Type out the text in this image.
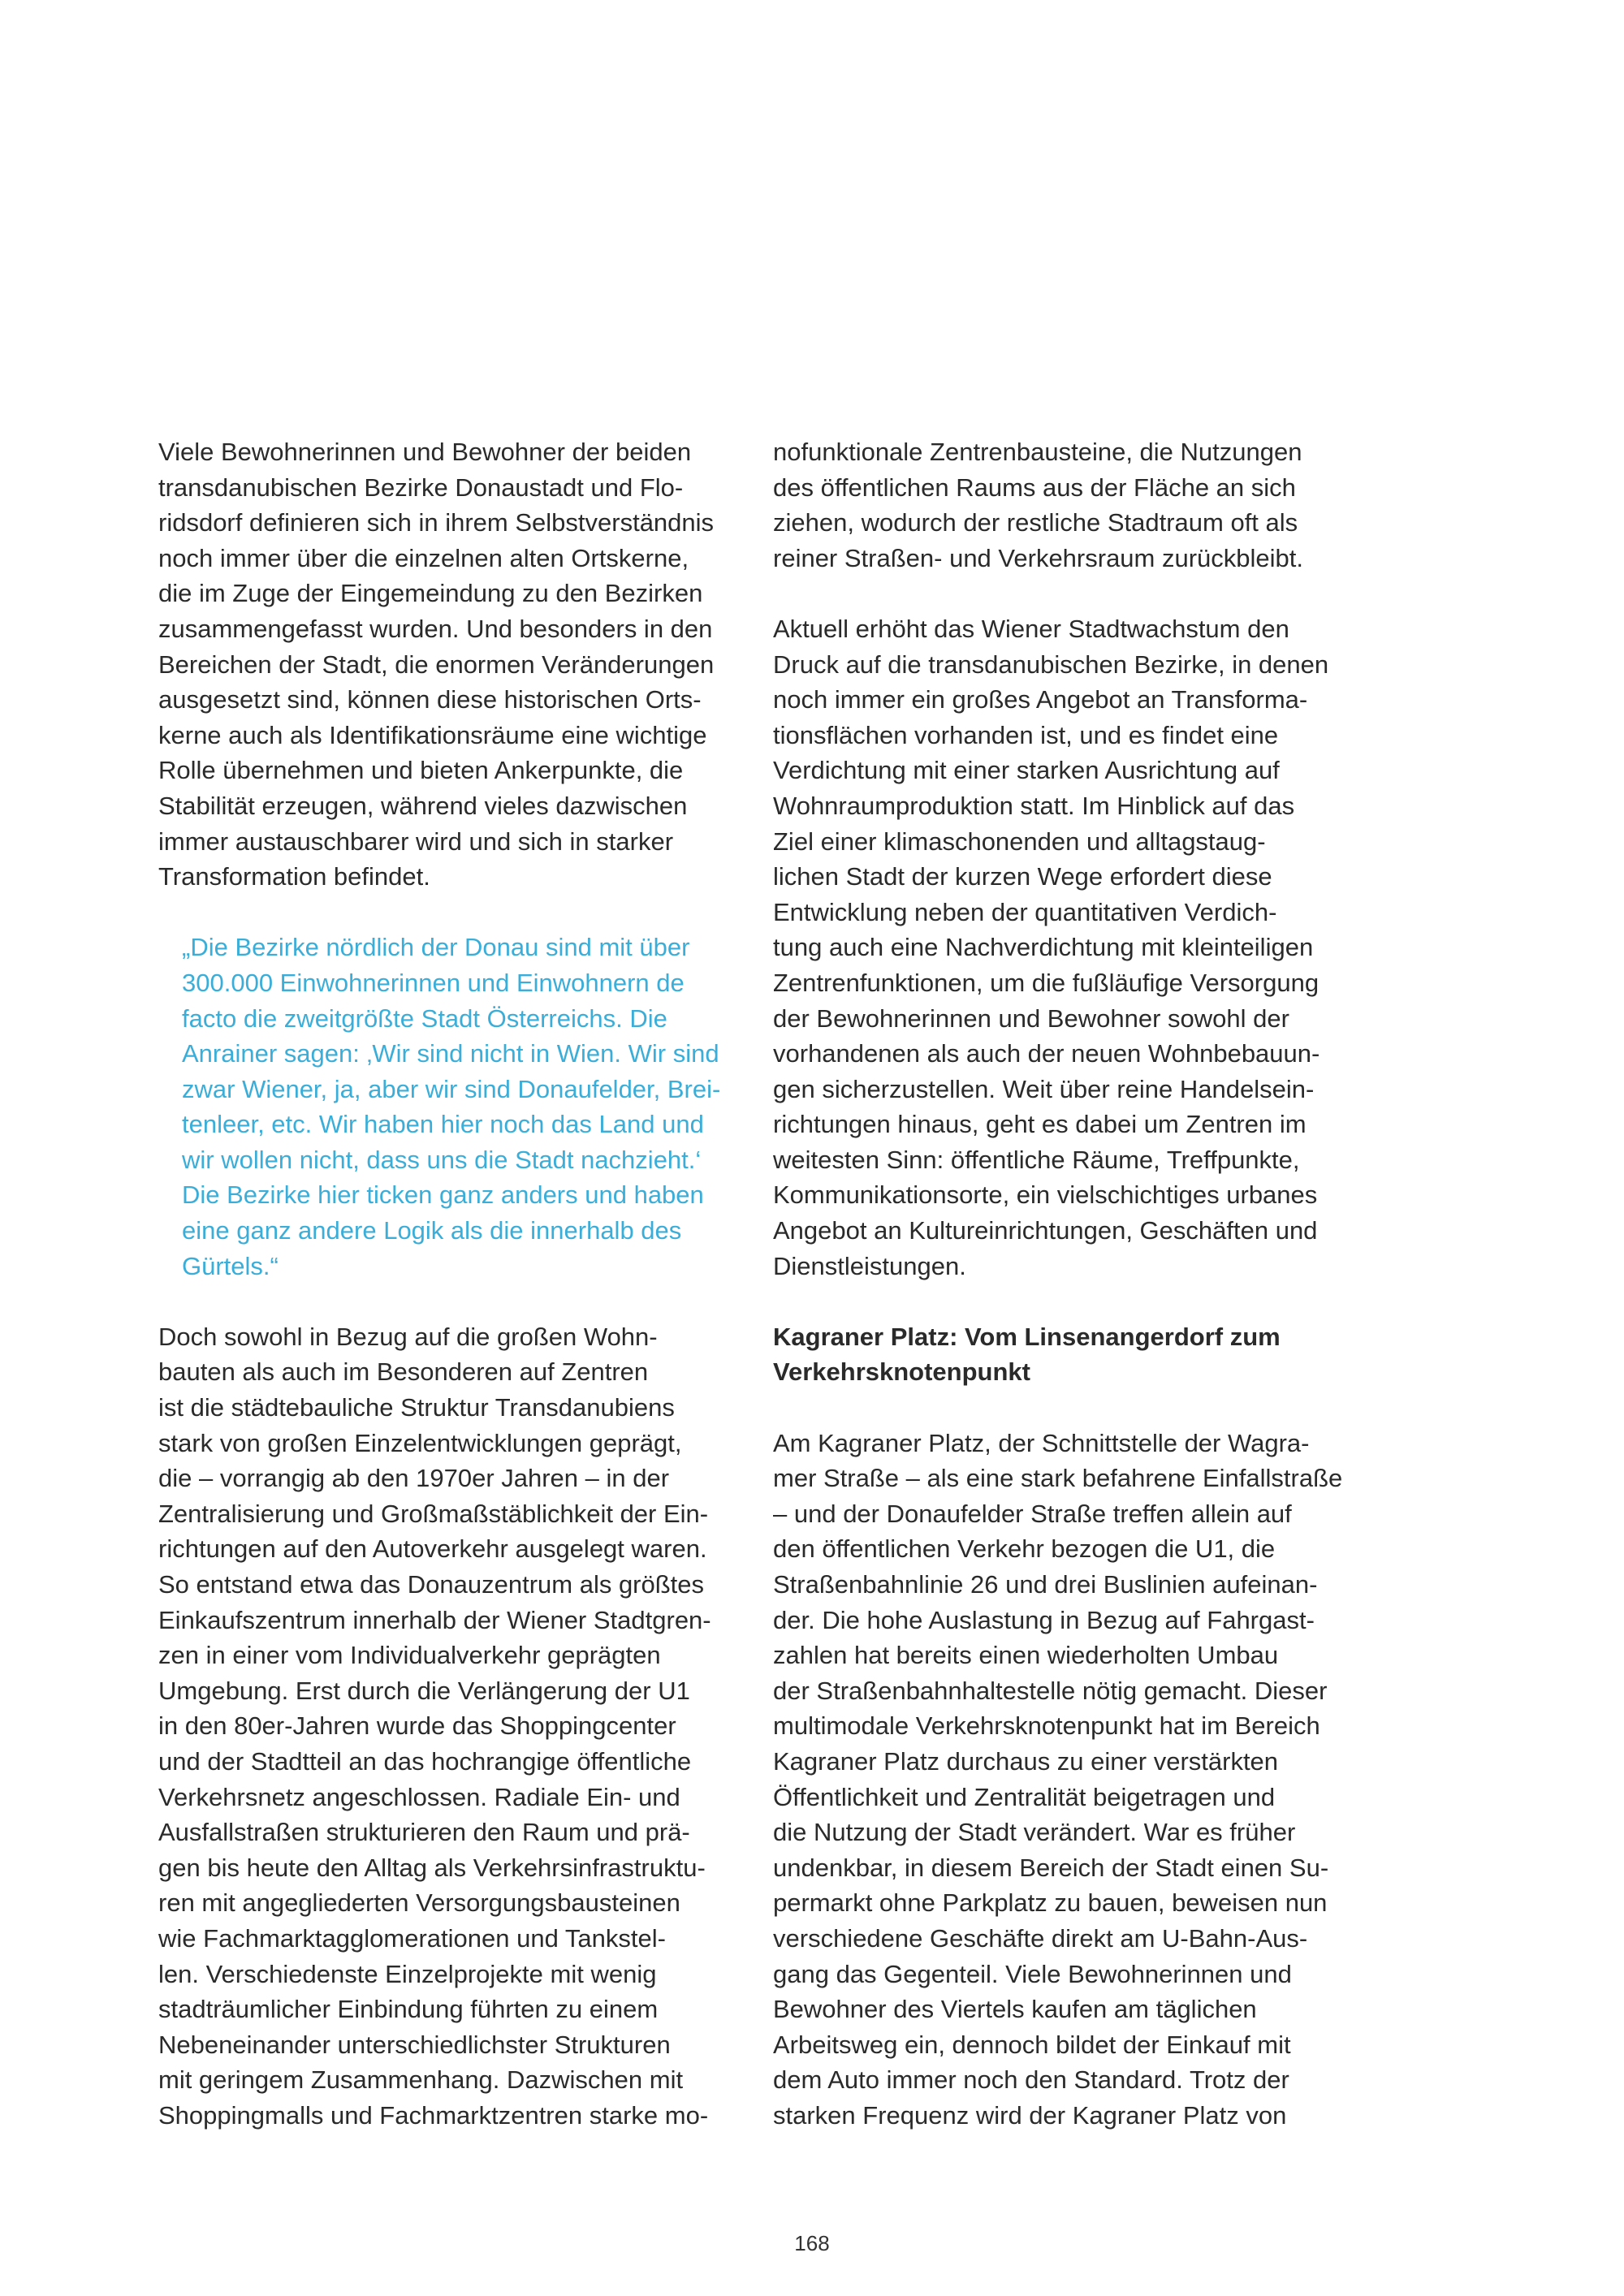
Viele Bewohnerinnen und Bewohner der beiden
transdanubischen Bezirke Donaustadt und Flo-
ridsdorf definieren sich in ihrem Selbstverständnis
noch immer über die einzelnen alten Ortskerne,
die im Zuge der Eingemeindung zu den Bezirken
zusammengefasst wurden. Und besonders in den
Bereichen der Stadt, die enormen Veränderungen
ausgesetzt sind, können diese historischen Orts-
kerne auch als Identifikationsräume eine wichtige
Rolle übernehmen und bieten Ankerpunkte, die
Stabilität erzeugen, während vieles dazwischen
immer austauschbarer wird und sich in starker
Transformation befindet.
„Die Bezirke nördlich der Donau sind mit über
300.000 Einwohnerinnen und Einwohnern de
facto die zweitgrößte Stadt Österreichs. Die
Anrainer sagen: ‚Wir sind nicht in Wien. Wir sind
zwar Wiener, ja, aber wir sind Donaufelder, Brei-
tenleer, etc. Wir haben hier noch das Land und
wir wollen nicht, dass uns die Stadt nachzieht.‘
Die Bezirke hier ticken ganz anders und haben
eine ganz andere Logik als die innerhalb des
Gürtels.“
Doch sowohl in Bezug auf die großen Wohn-
bauten als auch im Besonderen auf Zentren
ist die städtebauliche Struktur Transdanubiens
stark von großen Einzelentwicklungen geprägt,
die – vorrangig ab den 1970er Jahren – in der
Zentralisierung und Großmaßstäblichkeit der Ein-
richtungen auf den Autoverkehr ausgelegt waren.
So entstand etwa das Donauzentrum als größtes
Einkaufszentrum innerhalb der Wiener Stadtgren-
zen in einer vom Individualverkehr geprägten
Umgebung. Erst durch die Verlängerung der U1
in den 80er-Jahren wurde das Shoppingcenter
und der Stadtteil an das hochrangige öffentliche
Verkehrsnetz angeschlossen. Radiale Ein- und
Ausfallstraßen strukturieren den Raum und prä-
gen bis heute den Alltag als Verkehrsinfrastruktu-
ren mit angegliederten Versorgungsbausteinen
wie Fachmarktagglomerationen und Tankstel-
len. Verschiedenste Einzelprojekte mit wenig
stadträumlicher Einbindung führten zu einem
Nebeneinander unterschiedlichster Strukturen
mit geringem Zusammenhang. Dazwischen mit
Shoppingmalls und Fachmarktzentren starke mo-
nofunktionale Zentrenbausteine, die Nutzungen
des öffentlichen Raums aus der Fläche an sich
ziehen, wodurch der restliche Stadtraum oft als
reiner Straßen- und Verkehrsraum zurückbleibt.
Aktuell erhöht das Wiener Stadtwachstum den
Druck auf die transdanubischen Bezirke, in denen
noch immer ein großes Angebot an Transforma-
tionsflächen vorhanden ist, und es findet eine
Verdichtung mit einer starken Ausrichtung auf
Wohnraumproduktion statt. Im Hinblick auf das
Ziel einer klimaschonenden und alltagstaug-
lichen Stadt der kurzen Wege erfordert diese
Entwicklung neben der quantitativen Verdich-
tung auch eine Nachverdichtung mit kleinteiligen
Zentrenfunktionen, um die fußläufige Versorgung
der Bewohnerinnen und Bewohner sowohl der
vorhandenen als auch der neuen Wohnbebauun-
gen sicherzustellen. Weit über reine Handelsein-
richtungen hinaus, geht es dabei um Zentren im
weitesten Sinn: öffentliche Räume, Treffpunkte,
Kommunikationsorte, ein vielschichtiges urbanes
Angebot an Kultureinrichtungen, Geschäften und
Dienstleistungen.
Kagraner Platz: Vom Linsenangerdorf zum
Verkehrsknotenpunkt
Am Kagraner Platz, der Schnittstelle der Wagra-
mer Straße – als eine stark befahrene Einfallstraße
– und der Donaufelder Straße treffen allein auf
den öffentlichen Verkehr bezogen die U1, die
Straßenbahnlinie 26 und drei Buslinien aufeinan-
der. Die hohe Auslastung in Bezug auf Fahrgast-
zahlen hat bereits einen wiederholten Umbau
der Straßenbahnhaltestelle nötig gemacht. Dieser
multimodale Verkehrsknotenpunkt hat im Bereich
Kagraner Platz durchaus zu einer verstärkten
Öffentlichkeit und Zentralität beigetragen und
die Nutzung der Stadt verändert. War es früher
undenkbar, in diesem Bereich der Stadt einen Su-
permarkt ohne Parkplatz zu bauen, beweisen nun
verschiedene Geschäfte direkt am U-Bahn-Aus-
gang das Gegenteil. Viele Bewohnerinnen und
Bewohner des Viertels kaufen am täglichen
Arbeitsweg ein, dennoch bildet der Einkauf mit
dem Auto immer noch den Standard. Trotz der
starken Frequenz wird der Kagraner Platz von
168
